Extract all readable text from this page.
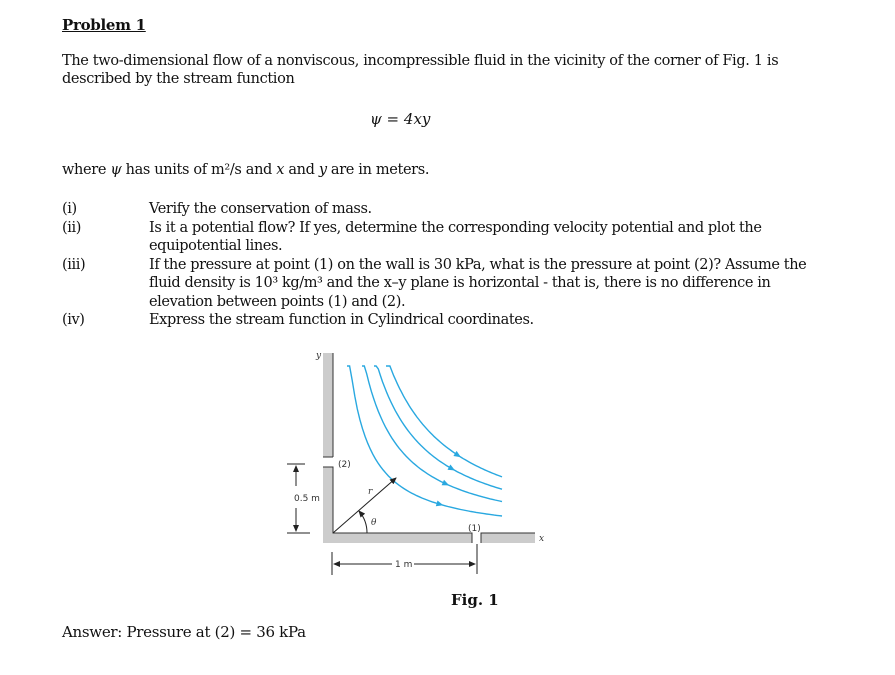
Problem 1
The two-dimensional flow of a nonviscous, incompressible fluid in the vicinity of the corner of Fig. 1 is described by the stream function
ψ = 4xy
where ψ has units of m²/s and x and y are in meters.
(i)	Verify the conservation of mass.
(ii)	Is it a potential flow? If yes, determine the corresponding velocity potential and plot the equipotential lines.
(iii)	If the pressure at point (1) on the wall is 30 kPa, what is the pressure at point (2)? Assume the fluid density is 10³ kg/m³ and the x–y plane is horizontal - that is, there is no difference in elevation between points (1) and (2).
(iv)	Express the stream function in Cylindrical coordinates.
y
x
(2)
(1)
r
θ
0.5 m
1 m
Fig. 1
Answer: Pressure at (2) = 36 kPa
